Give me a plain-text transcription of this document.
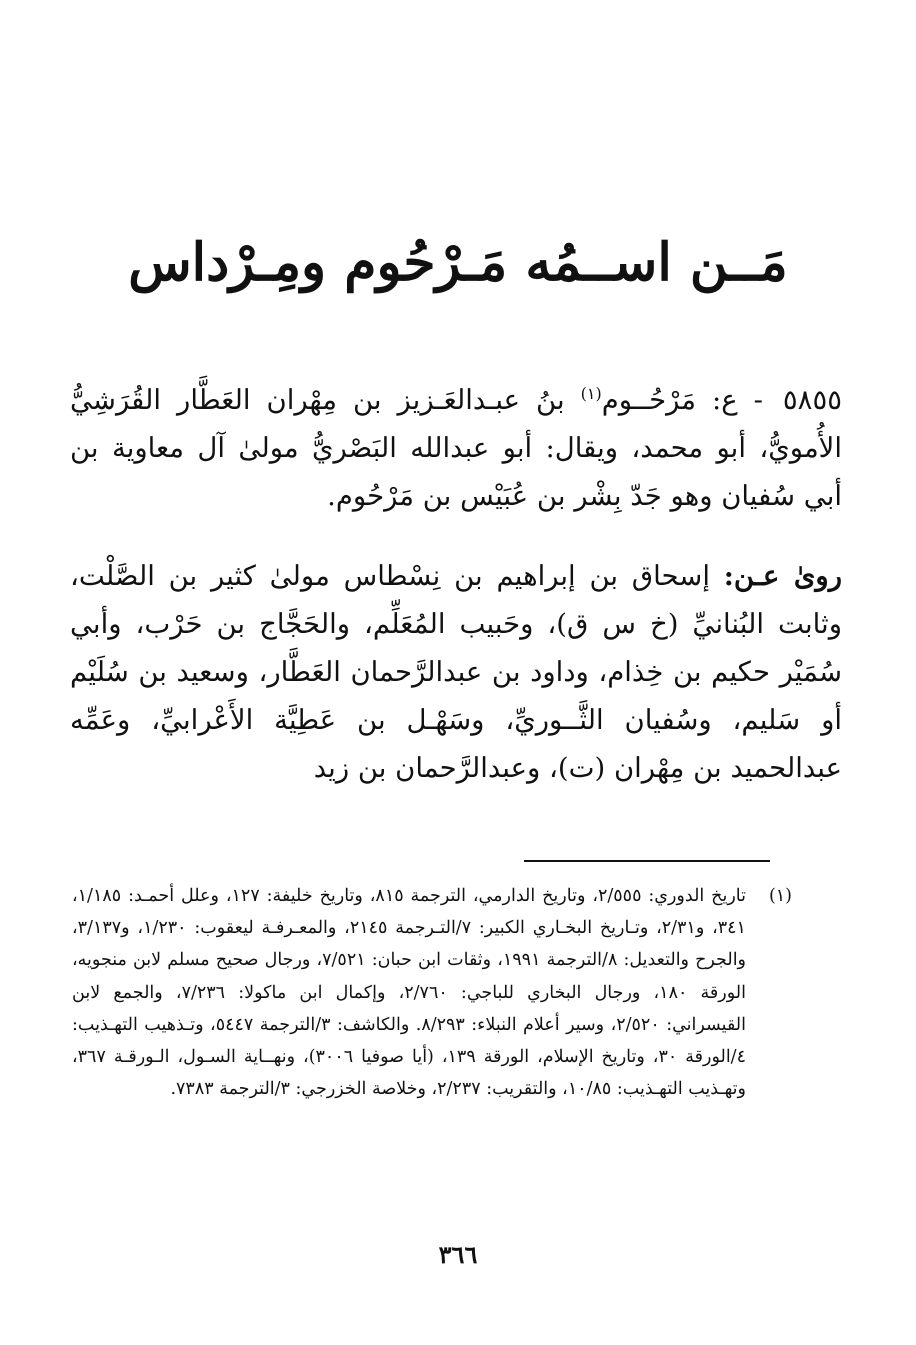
مَــن اســمُه مَـرْحُوم ومِـرْداس
٥٨٥٥ - ع: مَرْحُــوم$^{(١)}$ بنُ عبـدالعَـزيز بن مِهْران العَطَّار القُرَشِيُّ الأُمويُّ، أبو محمد، ويقال: أبو عبدالله البَصْريُّ مولىٰ آل معاوية بن أبي سُفيان وهو جَدّ بِشْر بن عُبَيْس بن مَرْحُوم.
روىٰ عـن: إسحاق بن إبراهيم بن نِسْطاس مولىٰ كثير بن الصَّلْت، وثابت البُنانيِّ (خ س ق)، وحَبيب المُعَلِّم، والحَجَّاج بن حَرْب، وأبي سُمَيْر حكيم بن خِذام، وداود بن عبدالرَّحمان العَطَّار، وسعيد بن سُلَيْم أو سَليم، وسُفيان الثَّــوريِّ، وسَهْـل بن عَطِيَّة الأَعْرابيِّ، وعَمِّه عبدالحميد بن مِهْران (ت)، وعبدالرَّحمان بن زيد
(١)
تاريخ الدوري: ٢/٥٥٥، وتاريخ الدارمي، الترجمة ٨١٥، وتاريخ خليفة: ١٢٧، وعلل أحمـد: ١/١٨٥، ٣٤١، و٢/٣١، وتـاريخ البخـاري الكبير: ٧/التـرجمة ٢١٤٥، والمعـرفـة ليعقوب: ١/٢٣٠، و٣/١٣٧، والجرح والتعديل: ٨/الترجمة ١٩٩١، وثقات ابن حبان: ٧/٥٢١، ورجال صحيح مسلم لابن منجويه، الورقة ١٨٠، ورجال البخاري للباجي: ٢/٧٦٠، وإكمال ابن ماكولا: ٧/٢٣٦، والجمع لابن القيسراني: ٢/٥٢٠، وسير أعلام النبلاء: ٨/٢٩٣. والكاشف: ٣/الترجمة ٥٤٤٧، وتـذهيب التهـذيب: ٤/الورقة ٣٠، وتاريخ الإسلام، الورقة ١٣٩، (أيا صوفيا ٣٠٠٦)، ونهــاية السـول، الـورقـة ٣٦٧، وتهـذيب التهـذيب: ١٠/٨٥، والتقريب: ٢/٢٣٧، وخلاصة الخزرجي: ٣/الترجمة ٧٣٨٣.
٣٦٦
